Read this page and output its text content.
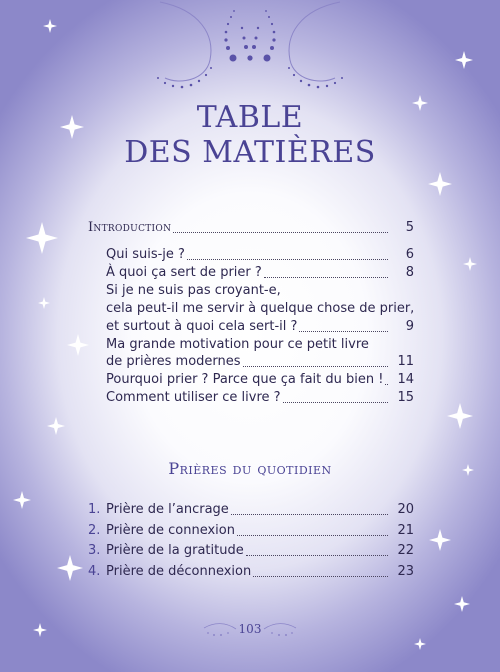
TABLE
DES MATIÈRES
Introduction	5
Qui suis-je ?	6
À quoi ça sert de prier ?	8
Si je ne suis pas croyant-e,
cela peut-il me servir à quelque chose de prier,
et surtout à quoi cela sert-il ?	9
Ma grande motivation pour ce petit livre
de prières modernes	11
Pourquoi prier ? Parce que ça fait du bien !	14
Comment utiliser ce livre ?	15
Prières du quotidien
1. Prière de l’ancrage	20
2. Prière de connexion	21
3. Prière de la gratitude	22
4. Prière de déconnexion	23
103
